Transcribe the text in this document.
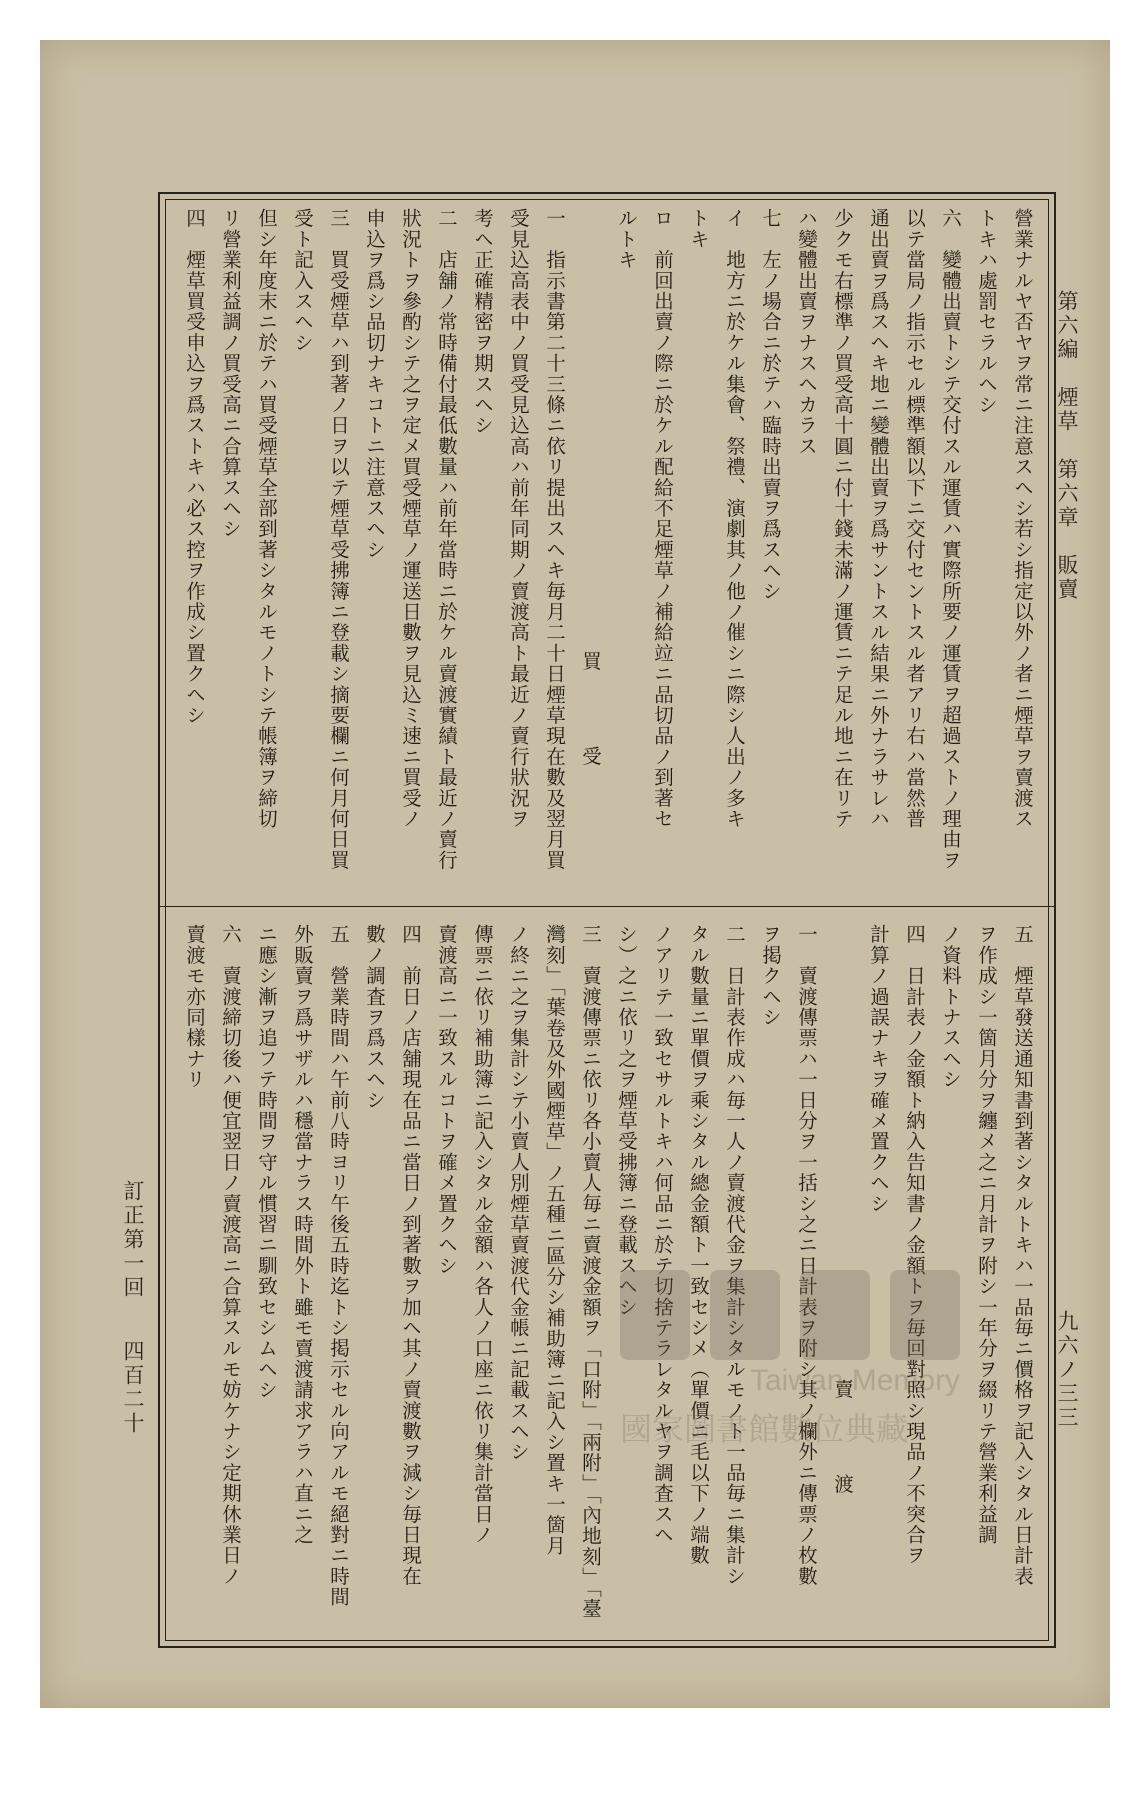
第六編　煙草　第六章　販賣
九六ノ三三
營業ナルヤ否ヤヲ常ニ注意スヘシ若シ指定以外ノ者ニ煙草ヲ賣渡ス
トキハ處罰セラルヘシ
六　變體出賣トシテ交付スル運賃ハ實際所要ノ運賃ヲ超過ストノ理由ヲ
以テ當局ノ指示セル標準額以下ニ交付セントスル者アリ右ハ當然普
通出賣ヲ爲スヘキ地ニ變體出賣ヲ爲サントスル結果ニ外ナラサレハ
少クモ右標準ノ買受高十圓ニ付十錢未滿ノ運賃ニテ足ル地ニ在リテ
ハ變體出賣ヲナスヘカラス
七　左ノ場合ニ於テハ臨時出賣ヲ爲スヘシ
イ　地方ニ於ケル集會、祭禮、演劇其ノ他ノ催シニ際シ人出ノ多キ
トキ
ロ　前回出賣ノ際ニ於ケル配給不足煙草ノ補給竝ニ品切品ノ到著セ
ルトキ
買　受
一　指示書第二十三條ニ依リ提出スヘキ毎月二十日煙草現在數及翌月買
受見込高表中ノ買受見込高ハ前年同期ノ賣渡高ト最近ノ賣行狀況ヲ
考ヘ正確精密ヲ期スヘシ
二　店舖ノ常時備付最低數量ハ前年當時ニ於ケル賣渡實績ト最近ノ賣行
狀況トヲ參酌シテ之ヲ定メ買受煙草ノ運送日數ヲ見込ミ速ニ買受ノ
申込ヲ爲シ品切ナキコトニ注意スヘシ
三　買受煙草ハ到著ノ日ヲ以テ煙草受拂簿ニ登載シ摘要欄ニ何月何日買
受ト記入スヘシ
但シ年度末ニ於テハ買受煙草全部到著シタルモノトシテ帳簿ヲ締切
リ營業利益調ノ買受高ニ合算スヘシ
四　煙草買受申込ヲ爲ストキハ必ス控ヲ作成シ置クヘシ
五　煙草發送通知書到著シタルトキハ一品毎ニ價格ヲ記入シタル日計表
ヲ作成シ一箇月分ヲ纏メ之ニ月計ヲ附シ一年分ヲ綴リテ營業利益調
ノ資料トナスヘシ
四　日計表ノ金額ト納入告知書ノ金額トヲ毎回對照シ現品ノ不突合ヲ
計算ノ過誤ナキヲ確メ置クヘシ
賣　渡
一　賣渡傳票ハ一日分ヲ一括シ之ニ日計表ヲ附シ其ノ欄外ニ傳票ノ枚數
ヲ掲クヘシ
二　日計表作成ハ毎一人ノ賣渡代金ヲ集計シタルモノト一品毎ニ集計シ
タル數量ニ單價ヲ乘シタル總金額ト一致セシメ（單價ニ毛以下ノ端數
ノアリテ一致セサルトキハ何品ニ於テ切捨テラレタルヤヲ調査スヘ
シ）之ニ依リ之ヲ煙草受拂簿ニ登載スヘシ
三　賣渡傳票ニ依リ各小賣人毎ニ賣渡金額ヲ「口附」「兩附」「內地刻」「臺
灣刻」「葉卷及外國煙草」ノ五種ニ區分シ補助簿ニ記入シ置キ一箇月
ノ終ニ之ヲ集計シテ小賣人別煙草賣渡代金帳ニ記載スヘシ
傳票ニ依リ補助簿ニ記入シタル金額ハ各人ノ口座ニ依リ集計當日ノ
賣渡高ニ一致スルコトヲ確メ置クヘシ
四　前日ノ店舖現在品ニ當日ノ到著數ヲ加ヘ其ノ賣渡數ヲ減シ毎日現在
數ノ調査ヲ爲スヘシ
五　營業時間ハ午前八時ヨリ午後五時迄トシ掲示セル向アルモ絕對ニ時間
外販賣ヲ爲サザルハ穩當ナラス時間外ト雖モ賣渡請求アラハ直ニ之
ニ應シ漸ヲ追フテ時間ヲ守ル慣習ニ馴致セシムヘシ
六　賣渡締切後ハ便宜翌日ノ賣渡高ニ合算スルモ妨ケナシ定期休業日ノ
賣渡モ亦同樣ナリ
訂正第一回四百二十	Taiwan Memory
國家圖書館數位典藏
